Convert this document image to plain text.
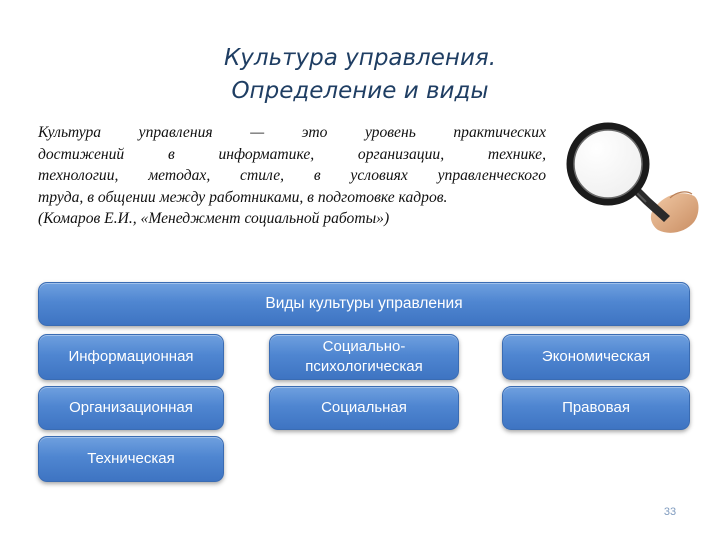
Культура управления.
Определение и виды
Культура управления — это уровень практических
достижений в информатике, организации, технике,
технологии, методах, стиле, в условиях управленческого
труда, в общении между работниками, в подготовке кадров.
(Комаров Е.И., «Менеджмент социальной работы»)
Виды культуры управления
Информационная
Социально-психологическая
Экономическая
Организационная	Социальная	Правовая
Техническая
33
